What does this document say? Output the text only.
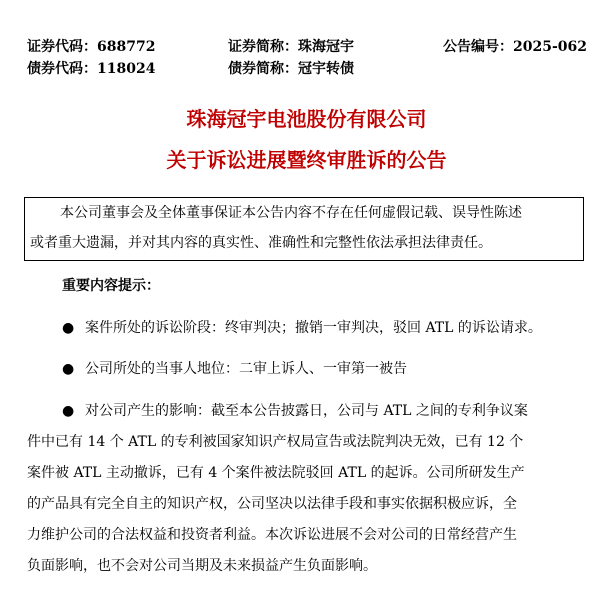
证券代码：688772	证券简称：珠海冠宇	公告编号：2025-062
债券代码：118024	债券简称：冠宇转债
珠海冠宇电池股份有限公司
关于诉讼进展暨终审胜诉的公告
本公司董事会及全体董事保证本公告内容不存在任何虚假记载、误导性陈述
或者重大遗漏，并对其内容的真实性、准确性和完整性依法承担法律责任。
重要内容提示：
● 案件所处的诉讼阶段：终审判决；撤销一审判决，驳回 ATL 的诉讼请求。
● 公司所处的当事人地位：二审上诉人、一审第一被告
● 对公司产生的影响：截至本公告披露日，公司与 ATL 之间的专利争议案
件中已有 14 个 ATL 的专利被国家知识产权局宣告或法院判决无效，已有 12 个
案件被 ATL 主动撤诉，已有 4 个案件被法院驳回 ATL 的起诉。公司所研发生产
的产品具有完全自主的知识产权，公司坚决以法律手段和事实依据积极应诉，全
力维护公司的合法权益和投资者利益。本次诉讼进展不会对公司的日常经营产生
负面影响，也不会对公司当期及未来损益产生负面影响。
